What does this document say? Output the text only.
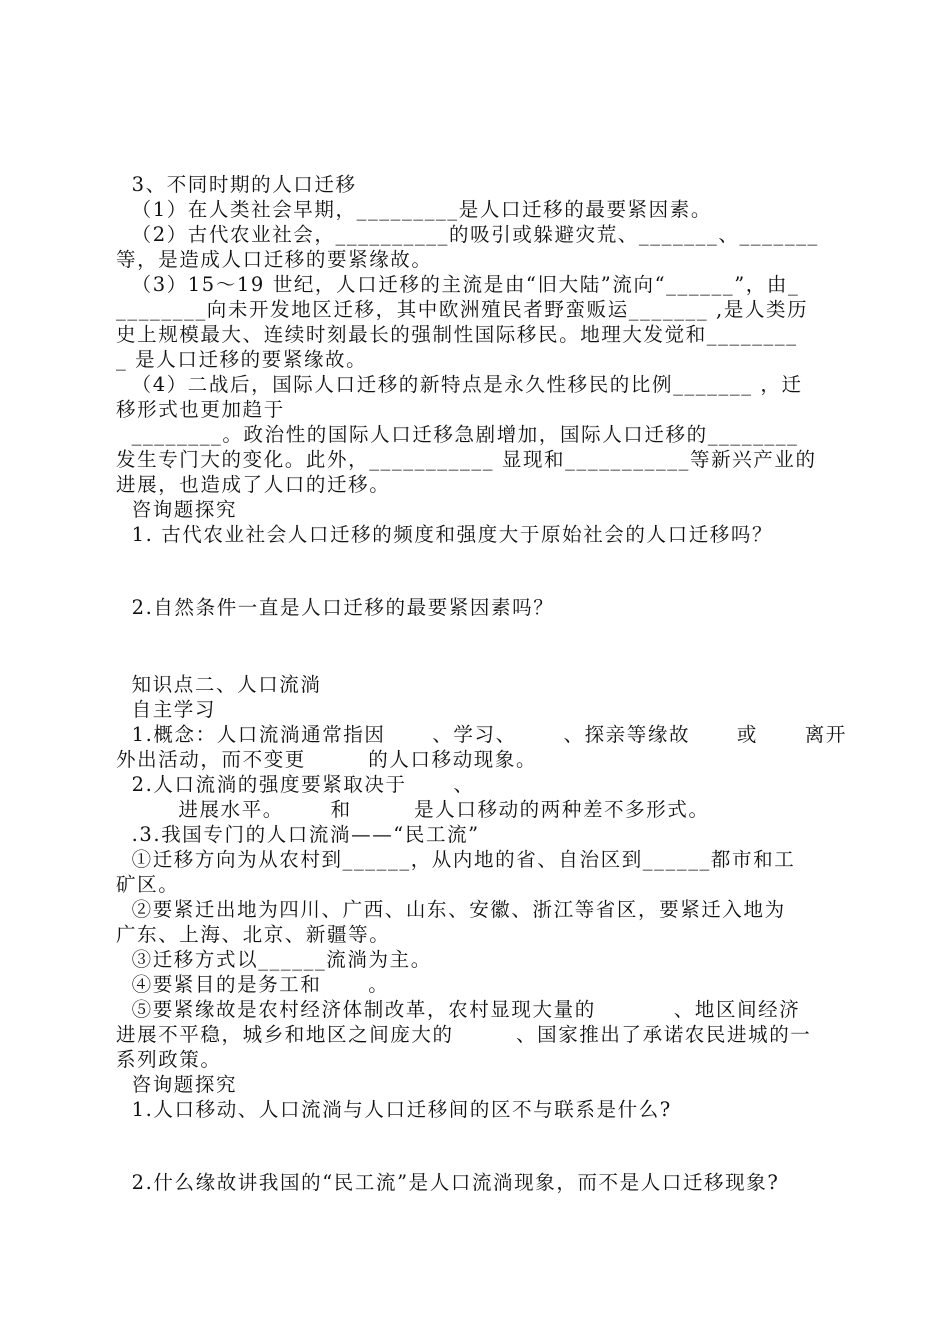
3、不同时期的人口迁移
（1）在人类社会早期，_________是人口迁移的最要紧因素。
（2）古代农业社会，__________的吸引或躲避灾荒、_______、_______
等，是造成人口迁移的要紧缘故。
（3）15～19 世纪，人口迁移的主流是由“旧大陆”流向“______”，由_
________向未开发地区迁移，其中欧洲殖民者野蛮贩运_______ ,是人类历
史上规模最大、连续时刻最长的强制性国际移民。地理大发觉和________
_ 是人口迁移的要紧缘故。
（4）二战后，国际人口迁移的新特点是永久性移民的比例_______ ，迁
移形式也更加趋于
________。政治性的国际人口迁移急剧增加，国际人口迁移的________
发生专门大的变化。此外，___________ 显现和___________等新兴产业的
进展，也造成了人口的迁移。
咨询题探究
1. 古代农业社会人口迁移的频度和强度大于原始社会的人口迁移吗？
2.自然条件一直是人口迁移的最要紧因素吗？
知识点二、人口流淌
自主学习
1.概念：人口流淌通常指因      、学习、      、探亲等缘故      或      离开
外出活动，而不变更        的人口移动现象。
2.人口流淌的强度要紧取决于      、
进展水平。      和        是人口移动的两种差不多形式。
.3.我国专门的人口流淌——“民工流”
①迁移方向为从农村到______，从内地的省、自治区到______都市和工
矿区。
②要紧迁出地为四川、广西、山东、安徽、浙江等省区，要紧迁入地为
广东、上海、北京、新疆等。
③迁移方式以______流淌为主。
④要紧目的是务工和      。
⑤要紧缘故是农村经济体制改革，农村显现大量的          、地区间经济
进展不平稳，城乡和地区之间庞大的        、国家推出了承诺农民进城的一
系列政策。
咨询题探究
1.人口移动、人口流淌与人口迁移间的区不与联系是什么?
2.什么缘故讲我国的“民工流”是人口流淌现象，而不是人口迁移现象?
